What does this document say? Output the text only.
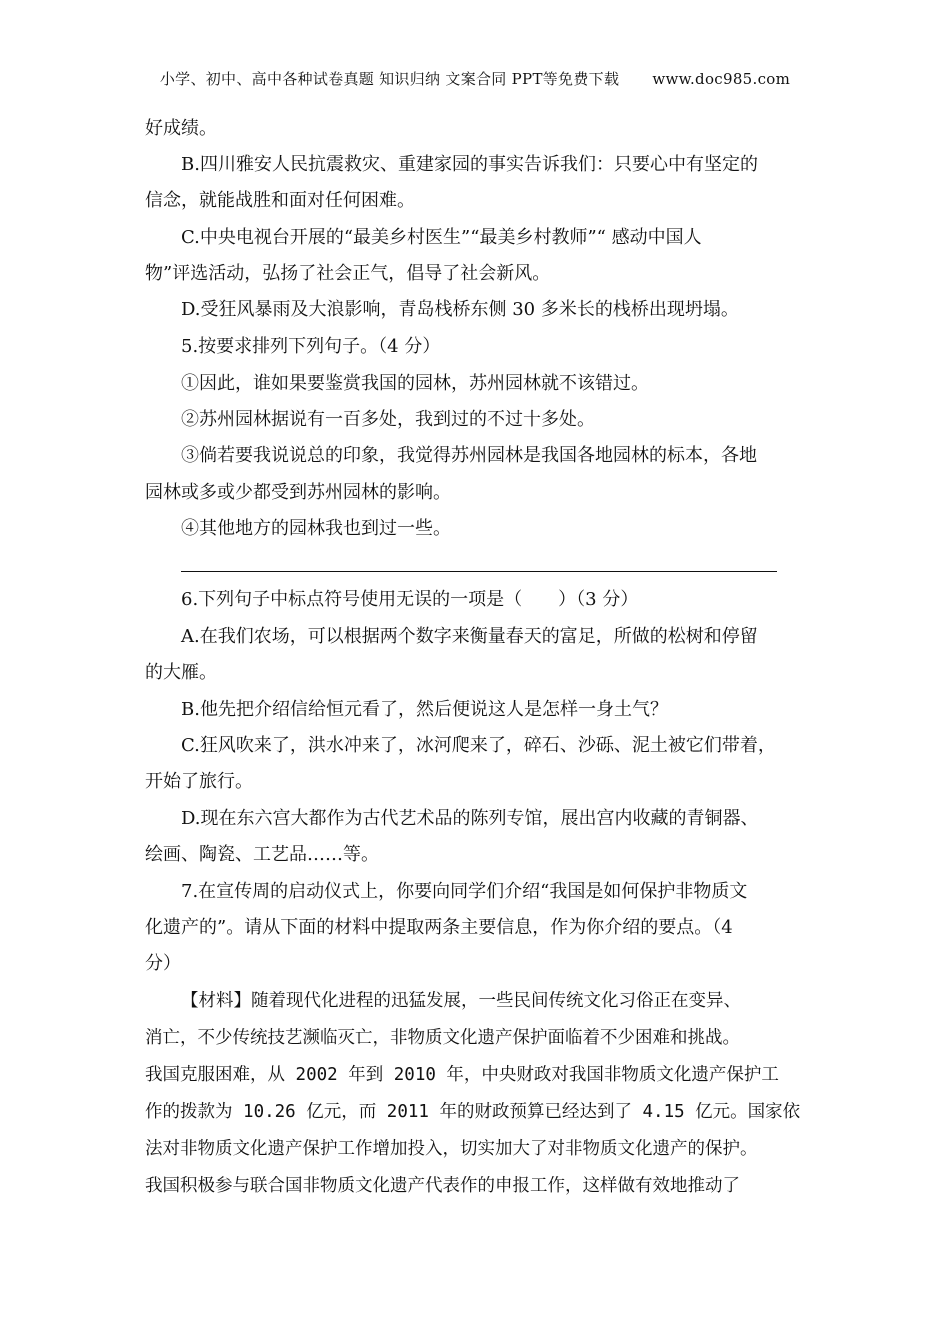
小学、初中、高中各种试卷真题 知识归纳 文案合同 PPT等免费下载 www.doc985.com
好成绩。
B.四川雅安人民抗震救灾、重建家园的事实告诉我们：只要心中有坚定的
信念，就能战胜和面对任何困难。
C.中央电视台开展的“最美乡村医生”“最美乡村教师”“ 感动中国人
物”评选活动，弘扬了社会正气，倡导了社会新风。
D.受狂风暴雨及大浪影响，青岛栈桥东侧 30 多米长的栈桥出现坍塌。
5.按要求排列下列句子。（4 分）
①因此，谁如果要鉴赏我国的园林，苏州园林就不该错过。
②苏州园林据说有一百多处，我到过的不过十多处。
③倘若要我说说总的印象，我觉得苏州园林是我国各地园林的标本，各地
园林或多或少都受到苏州园林的影响。
④其他地方的园林我也到过一些。
6.下列句子中标点符号使用无误的一项是（　　）（3 分）
A.在我们农场，可以根据两个数字来衡量春天的富足，所做的松树和停留
的大雁。
B.他先把介绍信给恒元看了，然后便说这人是怎样一身土气？
C.狂风吹来了，洪水冲来了，冰河爬来了，碎石、沙砾、泥土被它们带着，
开始了旅行。
D.现在东六宫大都作为古代艺术品的陈列专馆，展出宫内收藏的青铜器、
绘画、陶瓷、工艺品……等。
7.在宣传周的启动仪式上，你要向同学们介绍“我国是如何保护非物质文
化遗产的”。请从下面的材料中提取两条主要信息，作为你介绍的要点。（4
分）
【材料】随着现代化进程的迅猛发展，一些民间传统文化习俗正在变异、
消亡，不少传统技艺濒临灭亡，非物质文化遗产保护面临着不少困难和挑战。
我国克服困难，从 2002 年到 2010 年，中央财政对我国非物质文化遗产保护工
作的拨款为 10.26 亿元，而 2011 年的财政预算已经达到了 4.15 亿元。国家依
法对非物质文化遗产保护工作增加投入，切实加大了对非物质文化遗产的保护。
我国积极参与联合国非物质文化遗产代表作的申报工作，这样做有效地推动了
